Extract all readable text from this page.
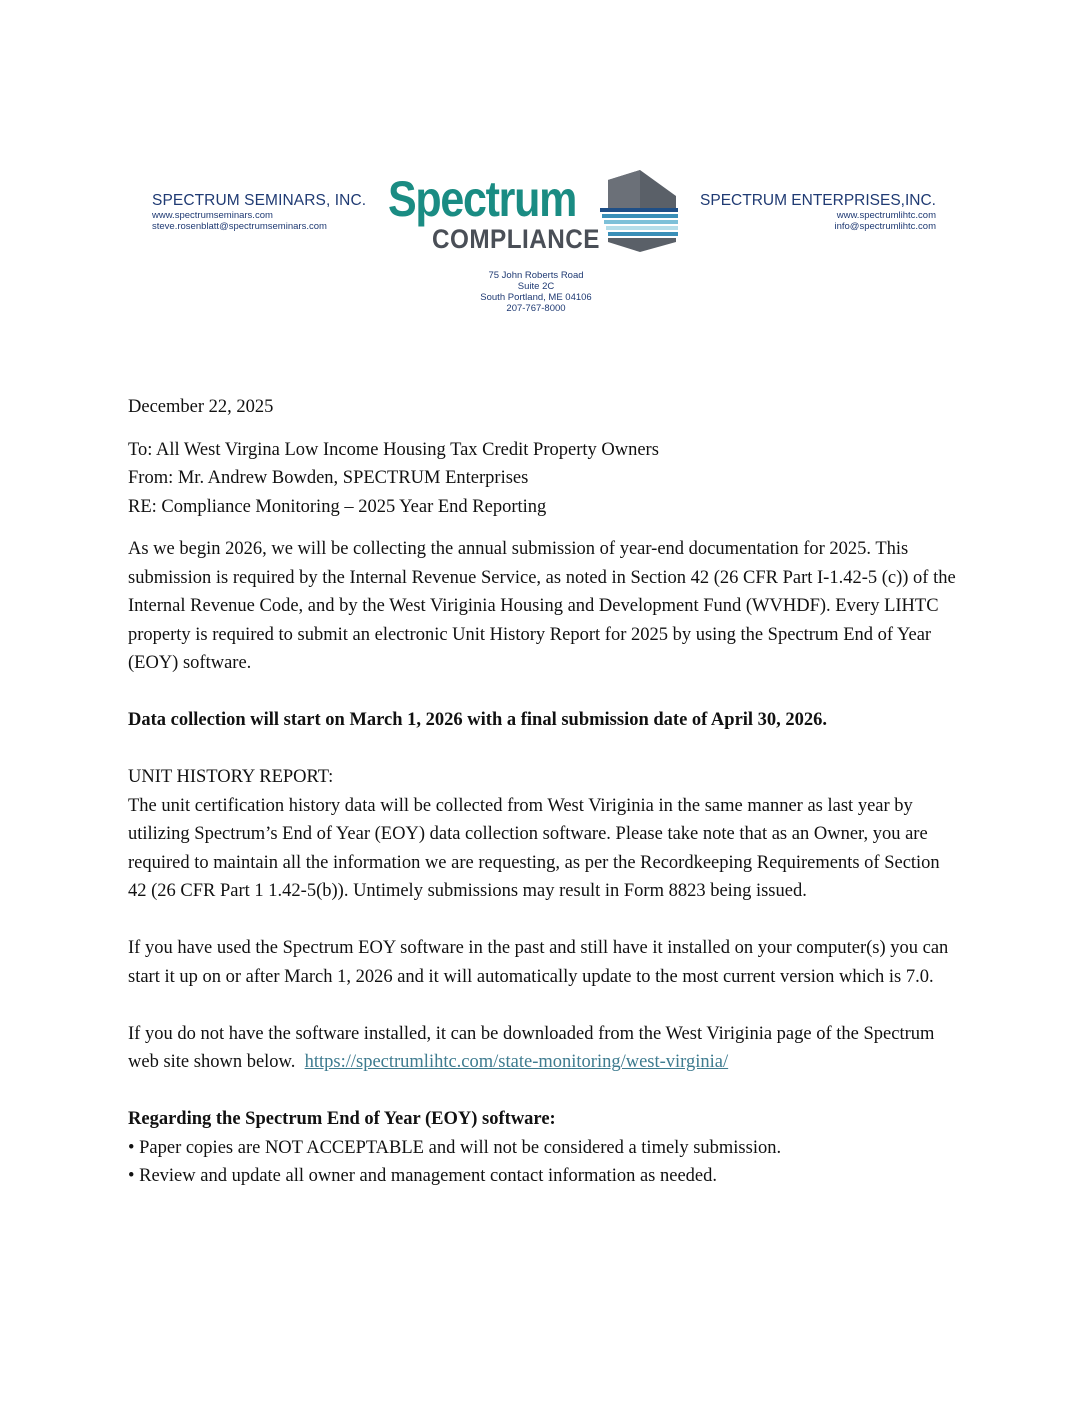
SPECTRUM SEMINARS, INC.
www.spectrumseminars.com
steve.rosenblatt@spectrumseminars.com	Spectrum
COMPLIANCE
SPECTRUM ENTERPRISES,INC.
www.spectrumlihtc.com
info@spectrumlihtc.com
75 John Roberts Road
Suite 2C
South Portland, ME 04106
207-767-8000

December 22, 2025

To: All West Virgina Low Income Housing Tax Credit Property Owners

From: Mr. Andrew Bowden, SPECTRUM Enterprises

RE: Compliance Monitoring – 2025 Year End Reporting

As we begin 2026, we will be collecting the annual submission of year-end documentation for 2025. This submission is required by the Internal Revenue Service, as noted in Section 42 (26 CFR Part I-1.42-5 (c)) of the Internal Revenue Code, and by the West Viriginia Housing and Development Fund (WVHDF). Every LIHTC property is required to submit an electronic Unit History Report for 2025 by using the Spectrum End of Year (EOY) software.

Data collection will start on March 1, 2026 with a final submission date of April 30, 2026.

UNIT HISTORY REPORT:

The unit certification history data will be collected from West Viriginia in the same manner as last year by utilizing Spectrum’s End of Year (EOY) data collection software. Please take note that as an Owner, you are required to maintain all the information we are requesting, as per the Recordkeeping Requirements of Section 42 (26 CFR Part 1 1.42-5(b)). Untimely submissions may result in Form 8823 being issued.

If you have used the Spectrum EOY software in the past and still have it installed on your computer(s) you can start it up on or after March 1, 2026 and it will automatically update to the most current version which is 7.0.

If you do not have the software installed, it can be downloaded from the West Viriginia page of the Spectrum web site shown below. https://spectrumlihtc.com/state-monitoring/west-virginia/

Regarding the Spectrum End of Year (EOY) software:

• Paper copies are NOT ACCEPTABLE and will not be considered a timely submission.

• Review and update all owner and management contact information as needed.
